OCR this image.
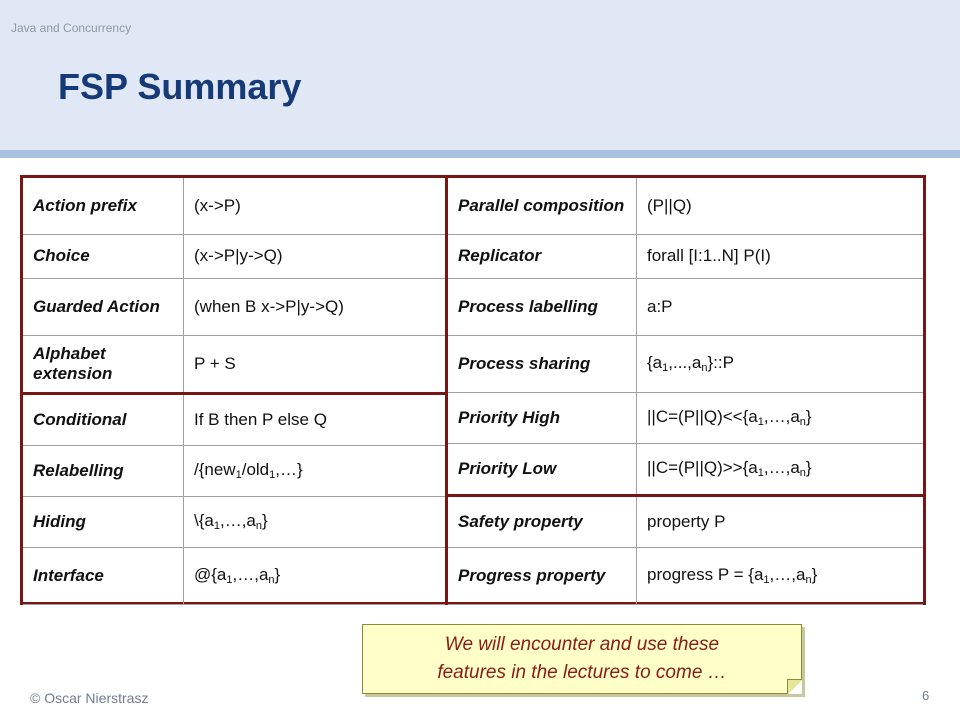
Java and Concurrency
FSP Summary
Action prefix	(x->P)
Choice	(x->P|y->Q)
Guarded Action	(when B x->P|y->Q)
Alphabet extension	P + S
Conditional	If B then P else Q
Relabelling	/{new$_1$/old$_1$,…}
Hiding	$\backslash\{a_1,\dots,a_n\}$
Interface	$@\{a_1,\dots,a_n\}$
Parallel composition	(P||Q)
Replicator	forall [I:1..N] P(I)
Process labelling	a:P
Process sharing	$\{a_1,...,a_n\}::P$
Priority High	$||C=(P||Q)<<\{a_1,\dots,a_n\}$
Priority Low	$||C=(P||Q)>>\{a_1,\dots,a_n\}$
Safety property	property P
Progress property	progress $P = \{a_1,\dots,a_n\}$
We will encounter and use these
features in the lectures to come …
© Oscar Nierstrasz	6
